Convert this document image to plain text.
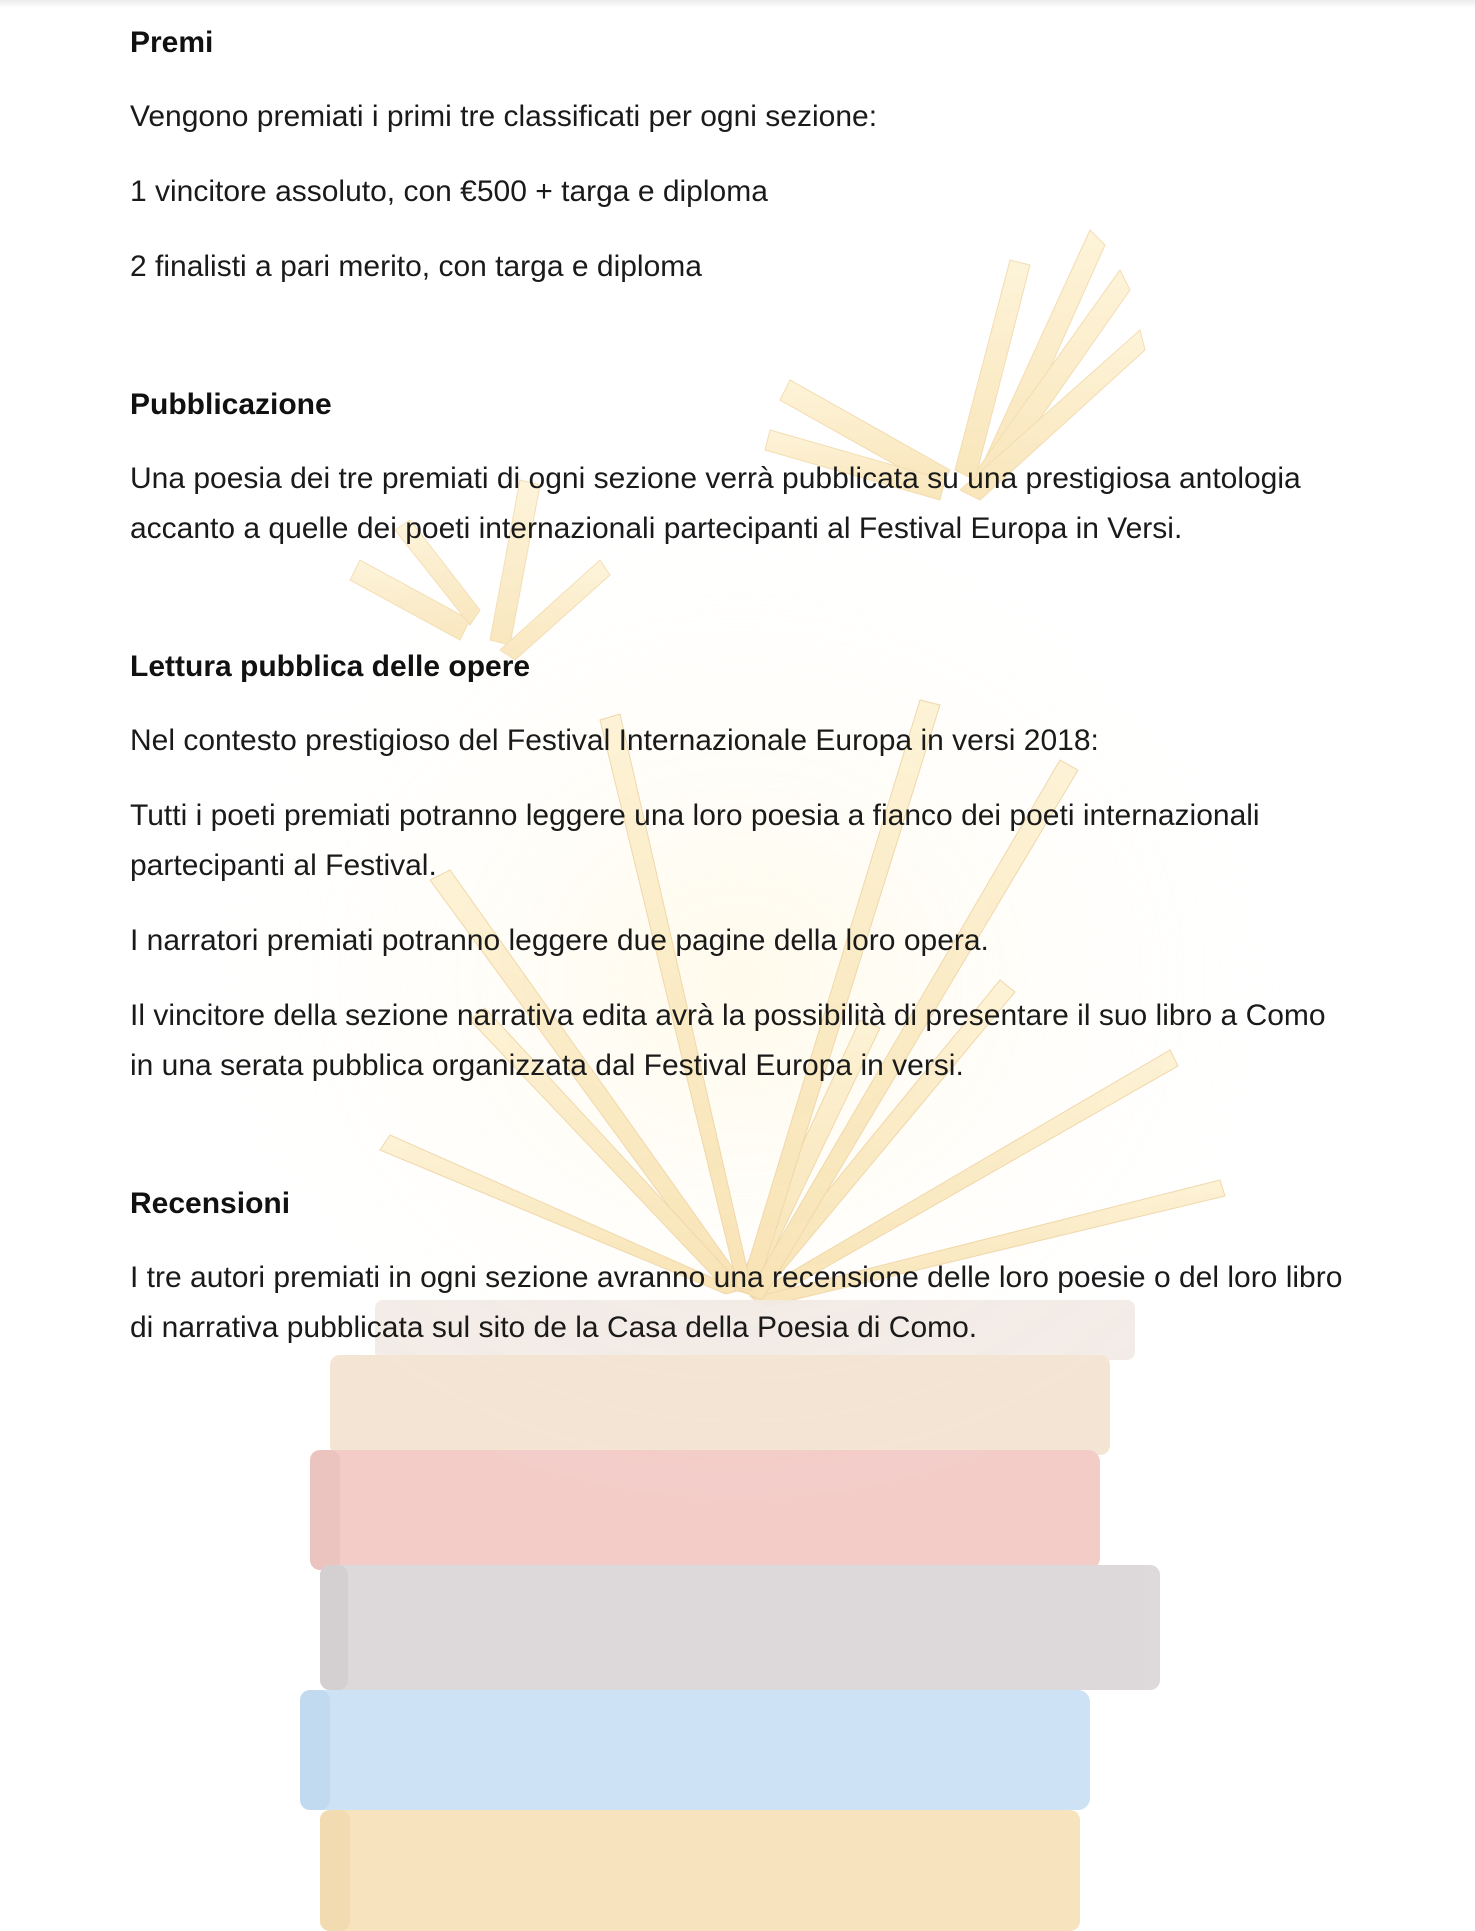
Premi

Vengono premiati i primi tre classificati per ogni sezione:

1 vincitore assoluto, con €500 + targa e diploma

2 finalisti a pari merito, con targa e diploma

Pubblicazione

Una poesia dei tre premiati di ogni sezione verrà pubblicata su una prestigiosa antologia accanto a quelle dei poeti internazionali partecipanti al Festival Europa in Versi.

Lettura pubblica delle opere

Nel contesto prestigioso del Festival Internazionale Europa in versi 2018:

Tutti i poeti premiati potranno leggere una loro poesia a fianco dei poeti internazionali partecipanti al Festival.

I narratori premiati potranno leggere due pagine della loro opera.

Il vincitore della sezione narrativa edita avrà la possibilità di presentare il suo libro a Como in una serata pubblica organizzata dal Festival Europa in versi.

Recensioni

I tre autori premiati in ogni sezione avranno una recensione delle loro poesie o del loro libro di narrativa pubblicata sul sito de la Casa della Poesia di Como.
